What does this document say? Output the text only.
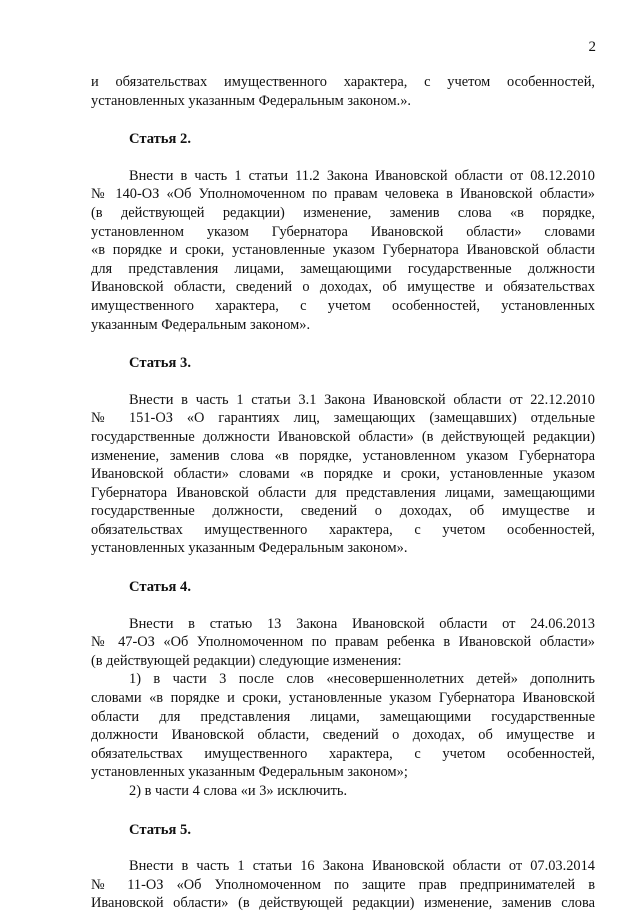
2
и обязательствах имущественного характера, с учетом особенностей,
установленных указанным Федеральным законом.».

Статья 2.

Внести в часть 1 статьи 11.2 Закона Ивановской области от 08.12.2010
№ 140-ОЗ «Об Уполномоченном по правам человека в Ивановской области»
(в действующей редакции) изменение, заменив слова «в порядке,
установленном указом Губернатора Ивановской области» словами
«в порядке и сроки, установленные указом Губернатора Ивановской области
для представления лицами, замещающими государственные должности
Ивановской области, сведений о доходах, об имуществе и обязательствах
имущественного характера, с учетом особенностей, установленных
указанным Федеральным законом».

Статья 3.

Внести в часть 1 статьи 3.1 Закона Ивановской области от 22.12.2010
№ 151-ОЗ «О гарантиях лиц, замещающих (замещавших) отдельные
государственные должности Ивановской области» (в действующей редакции)
изменение, заменив слова «в порядке, установленном указом Губернатора
Ивановской области» словами «в порядке и сроки, установленные указом
Губернатора Ивановской области для представления лицами, замещающими
государственные должности, сведений о доходах, об имуществе и
обязательствах имущественного характера, с учетом особенностей,
установленных указанным Федеральным законом».

Статья 4.

Внести в статью 13 Закона Ивановской области от 24.06.2013
№ 47-ОЗ «Об Уполномоченном по правам ребенка в Ивановской области»
(в действующей редакции) следующие изменения:
1) в части 3 после слов «несовершеннолетних детей» дополнить
словами «в порядке и сроки, установленные указом Губернатора Ивановской
области для представления лицами, замещающими государственные
должности Ивановской области, сведений о доходах, об имуществе и
обязательствах имущественного характера, с учетом особенностей,
установленных указанным Федеральным законом»;
2) в части 4 слова «и 3» исключить.

Статья 5.

Внести в часть 1 статьи 16 Закона Ивановской области от 07.03.2014
№ 11-ОЗ «Об Уполномоченном по защите прав предпринимателей в
Ивановской области» (в действующей редакции) изменение, заменив слова
